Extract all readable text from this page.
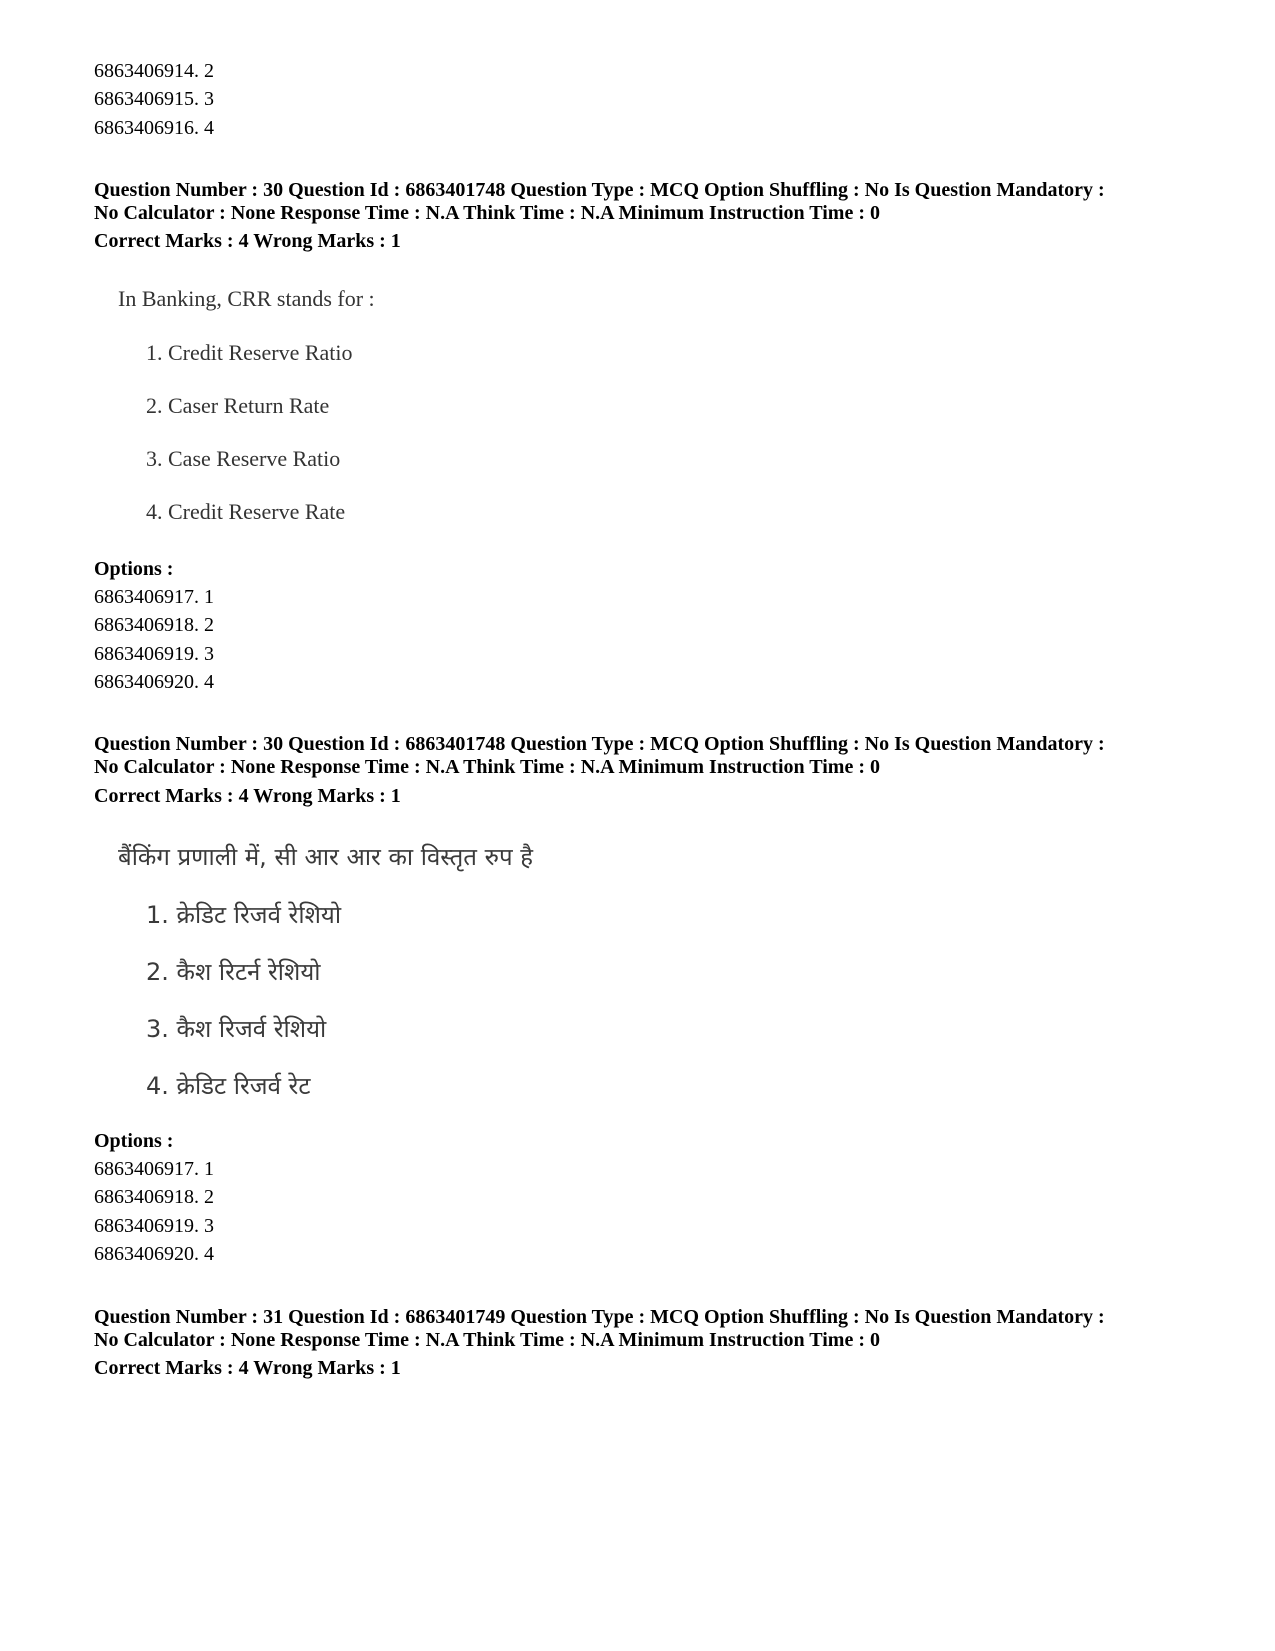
6863406914. 2
6863406915. 3
6863406916. 4
Question Number : 30 Question Id : 6863401748 Question Type : MCQ Option Shuffling : No Is Question Mandatory :
No Calculator : None Response Time : N.A Think Time : N.A Minimum Instruction Time : 0
Correct Marks : 4 Wrong Marks : 1
In Banking, CRR stands for :
1. Credit Reserve Ratio
2. Caser Return Rate
3. Case Reserve Ratio
4. Credit Reserve Rate
Options :
6863406917. 1
6863406918. 2
6863406919. 3
6863406920. 4
Question Number : 30 Question Id : 6863401748 Question Type : MCQ Option Shuffling : No Is Question Mandatory :
No Calculator : None Response Time : N.A Think Time : N.A Minimum Instruction Time : 0
Correct Marks : 4 Wrong Marks : 1
बैंकिंग प्रणाली में, सी आर आर का विस्तृत रुप है
1. क्रेडिट रिजर्व रेशियो
2. कैश रिटर्न रेशियो
3. कैश रिजर्व रेशियो
4. क्रेडिट रिजर्व रेट
Options :
6863406917. 1
6863406918. 2
6863406919. 3
6863406920. 4
Question Number : 31 Question Id : 6863401749 Question Type : MCQ Option Shuffling : No Is Question Mandatory :
No Calculator : None Response Time : N.A Think Time : N.A Minimum Instruction Time : 0
Correct Marks : 4 Wrong Marks : 1
